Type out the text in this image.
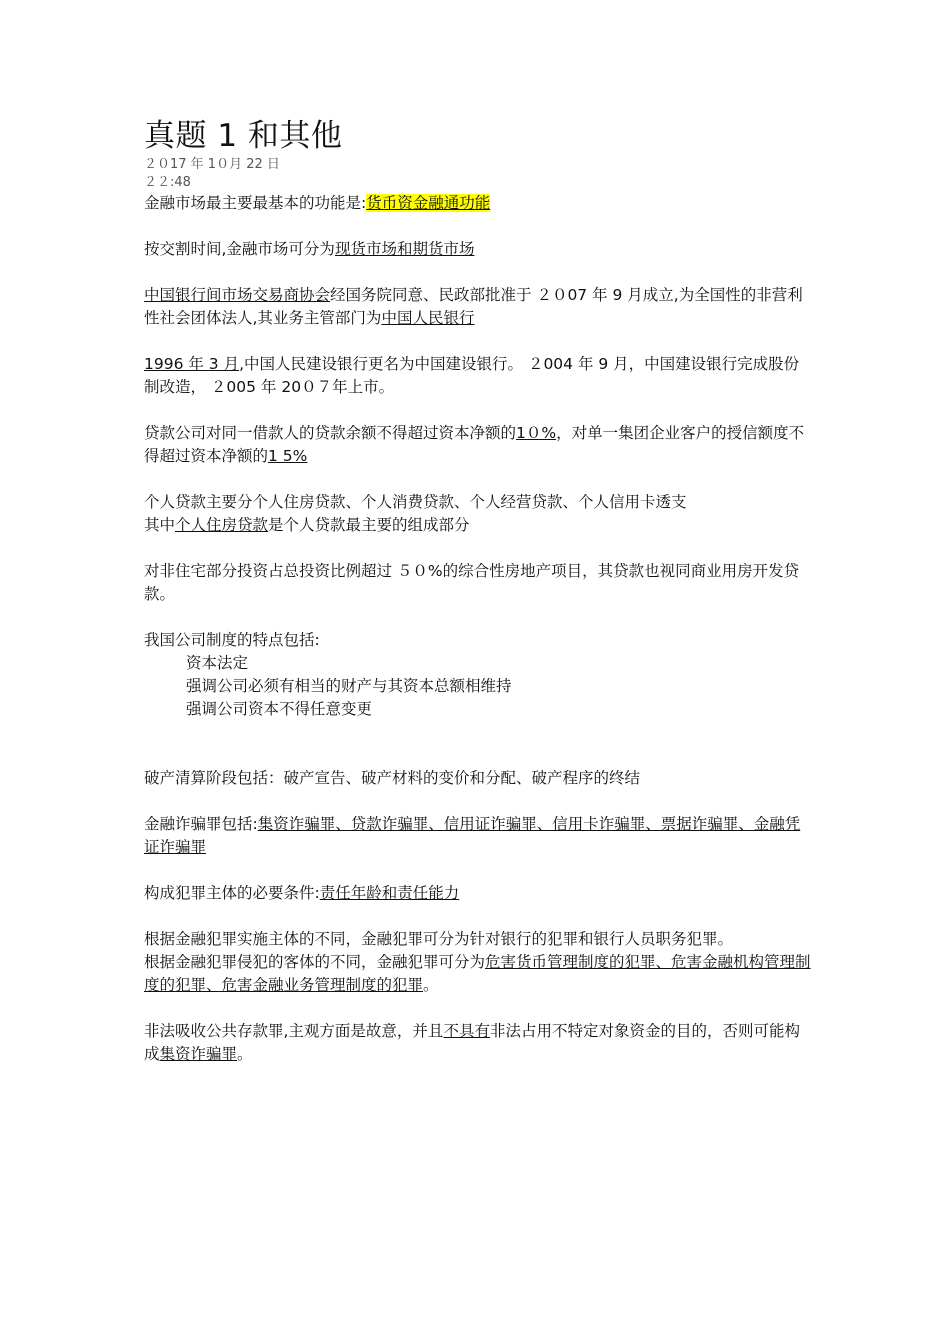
真题 1 和其他
２０17 年 1０月 22 日
２２:48

金融市场最主要最基本的功能是:货币资金融通功能

按交割时间,金融市场可分为现货市场和期货市场

中国银行间市场交易商协会经国务院同意、民政部批准于 ２０07 年 9 月成立,为全国性的非营利性社会团体法人,其业务主管部门为中国人民银行

1996 年 3 月,中国人民建设银行更名为中国建设银行。 ２004 年 9 月，中国建设银行完成股份制改造， ２005 年 20０７年上市。

贷款公司对同一借款人的贷款余额不得超过资本净额的1０%，对单一集团企业客户的授信额度不得超过资本净额的1 5%

个人贷款主要分个人住房贷款、个人消费贷款、个人经营贷款、个人信用卡透支
其中个人住房贷款是个人贷款最主要的组成部分

对非住宅部分投资占总投资比例超过 ５０%的综合性房地产项目，其贷款也视同商业用房开发贷款。

我国公司制度的特点包括:

资本法定

强调公司必须有相当的财产与其资本总额相维持

强调公司资本不得任意变更

破产清算阶段包括：破产宣告、破产材料的变价和分配、破产程序的终结

金融诈骗罪包括:集资诈骗罪、贷款诈骗罪、信用证诈骗罪、信用卡诈骗罪、票据诈骗罪、金融凭证诈骗罪

构成犯罪主体的必要条件:责任年龄和责任能力

根据金融犯罪实施主体的不同，金融犯罪可分为针对银行的犯罪和银行人员职务犯罪。
根据金融犯罪侵犯的客体的不同，金融犯罪可分为危害货币管理制度的犯罪、危害金融机构管理制度的犯罪、危害金融业务管理制度的犯罪。

非法吸收公共存款罪,主观方面是故意，并且不具有非法占用不特定对象资金的目的，否则可能构成集资诈骗罪。
